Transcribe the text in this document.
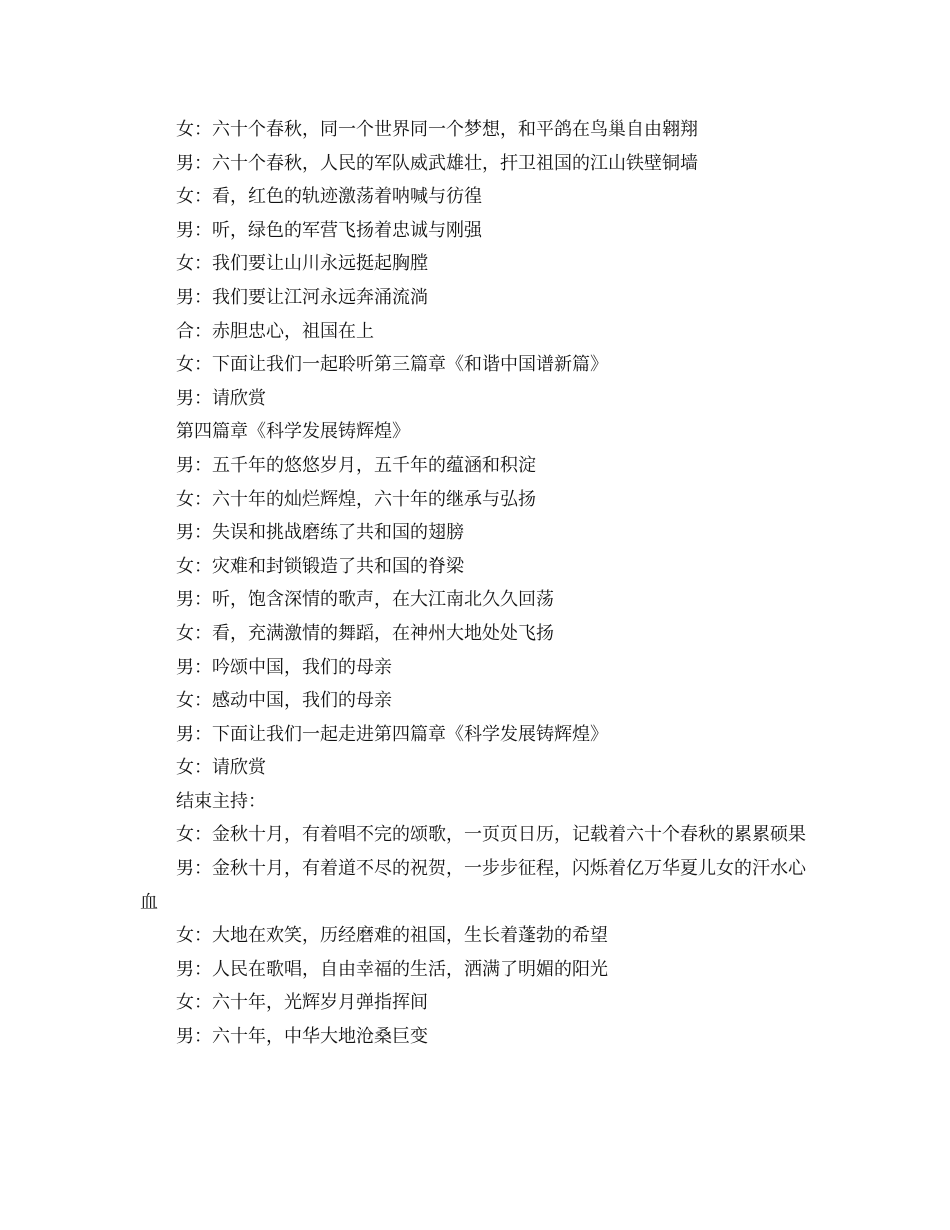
女：六十个春秋，同一个世界同一个梦想，和平鸽在鸟巢自由翱翔

男：六十个春秋，人民的军队威武雄壮，扞卫祖国的江山铁壁铜墙

女：看，红色的轨迹激荡着呐喊与彷徨

男：听，绿色的军营飞扬着忠诚与刚强

女：我们要让山川永远挺起胸膛

男：我们要让江河永远奔涌流淌

合：赤胆忠心，祖国在上

女：下面让我们一起聆听第三篇章《和谐中国谱新篇》

男：请欣赏

第四篇章《科学发展铸辉煌》

男：五千年的悠悠岁月，五千年的蕴涵和积淀

女：六十年的灿烂辉煌，六十年的继承与弘扬

男：失误和挑战磨练了共和国的翅膀

女：灾难和封锁锻造了共和国的脊梁

男：听，饱含深情的歌声，在大江南北久久回荡

女：看，充满激情的舞蹈，在神州大地处处飞扬

男：吟颂中国，我们的母亲

女：感动中国，我们的母亲

男：下面让我们一起走进第四篇章《科学发展铸辉煌》

女：请欣赏

结束主持：

女：金秋十月，有着唱不完的颂歌，一页页日历，记载着六十个春秋的累累硕果

男：金秋十月，有着道不尽的祝贺，一步步征程，闪烁着亿万华夏儿女的汗水心血

女：大地在欢笑，历经磨难的祖国，生长着蓬勃的希望

男：人民在歌唱，自由幸福的生活，洒满了明媚的阳光

女：六十年，光辉岁月弹指挥间

男：六十年，中华大地沧桑巨变
